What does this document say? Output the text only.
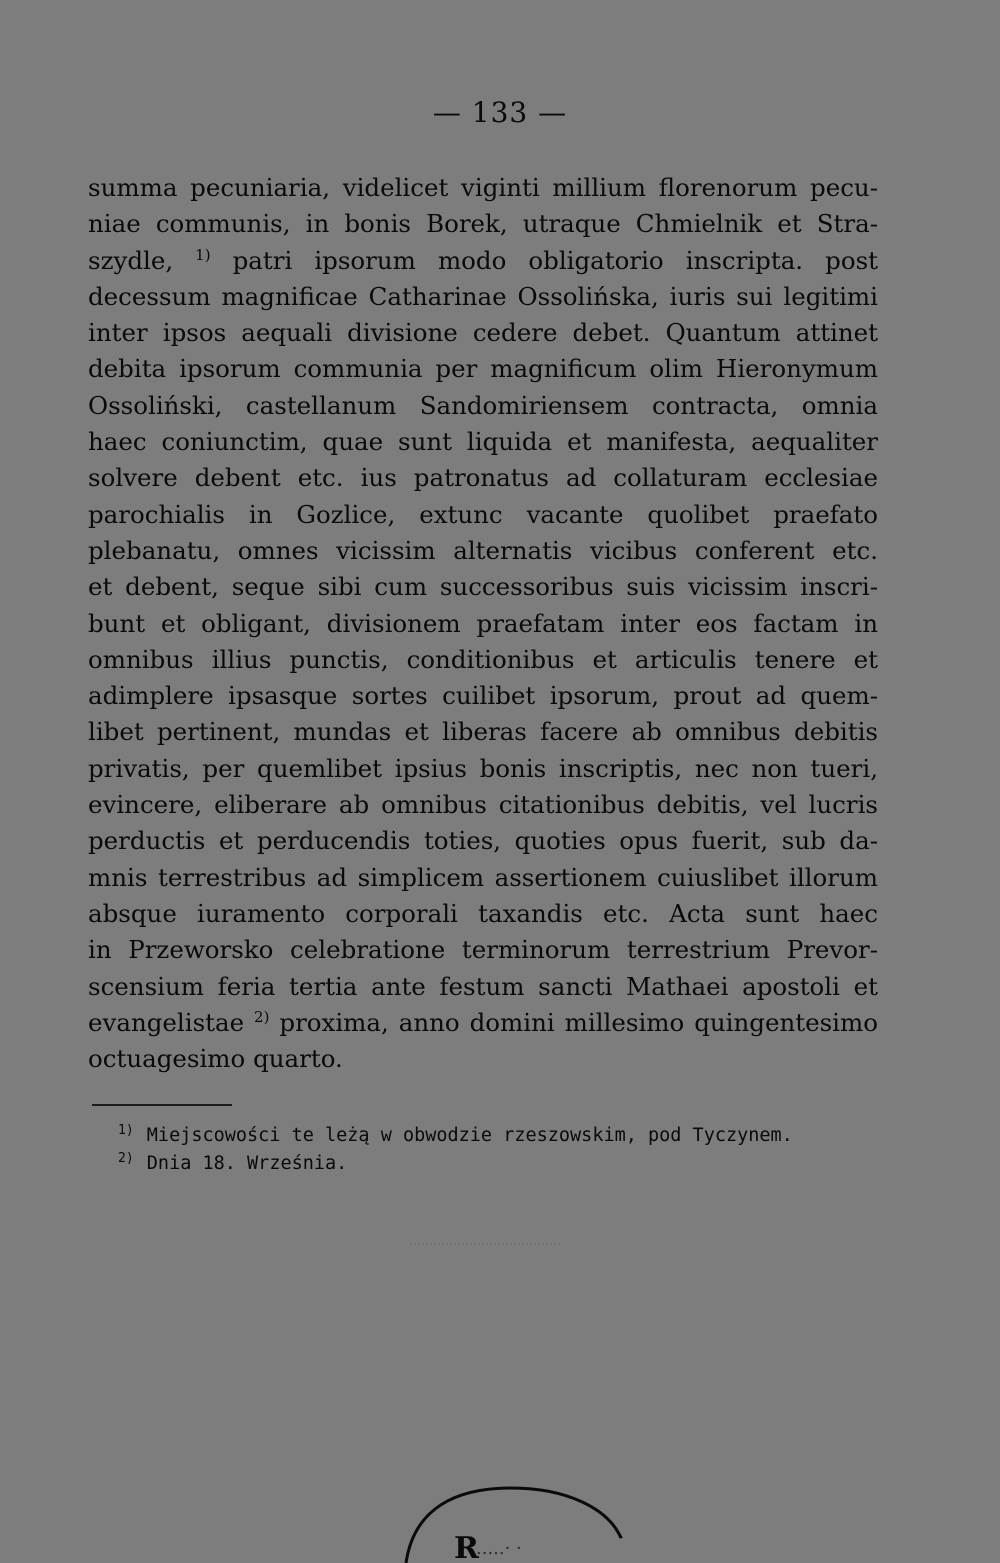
— 133 —
summa pecuniaria, videlicet viginti millium florenorum pecu-
niae communis, in bonis Borek, utraque Chmielnik et Stra-
szydle, $^{1)}$ patri ipsorum modo obligatorio inscripta. post
decessum magnificae Catharinae Ossolińska, iuris sui legitimi
inter ipsos aequali divisione cedere debet. Quantum attinet
debita ipsorum communia per magnificum olim Hieronymum
Ossoliński, castellanum Sandomiriensem contracta, omnia
haec coniunctim, quae sunt liquida et manifesta, aequaliter
solvere debent etc. ius patronatus ad collaturam ecclesiae
parochialis in Gozlice, extunc vacante quolibet praefato
plebanatu, omnes vicissim alternatis vicibus conferent etc.
et debent, seque sibi cum successoribus suis vicissim inscri-
bunt et obligant, divisionem praefatam inter eos factam in
omnibus illius punctis, conditionibus et articulis tenere et
adimplere ipsasque sortes cuilibet ipsorum, prout ad quem-
libet pertinent, mundas et liberas facere ab omnibus debitis
privatis, per quemlibet ipsius bonis inscriptis, nec non tueri,
evincere, eliberare ab omnibus citationibus debitis, vel lucris
perductis et perducendis toties, quoties opus fuerit, sub da-
mnis terrestribus ad simplicem assertionem cuiuslibet illorum
absque iuramento corporali taxandis etc. Acta sunt haec
in Przeworsko celebratione terminorum terrestrium Prevor-
scensium feria tertia ante festum sancti Mathaei apostoli et
evangelistae $^{2)}$ proxima, anno domini millesimo quingentesimo
octuagesimo quarto.
$^{1)}$ Miejscowości te leżą w obwodzie rzeszowskim, pod Tyczynem.
$^{2)}$ Dnia 18. Września.
R
.....· ·
